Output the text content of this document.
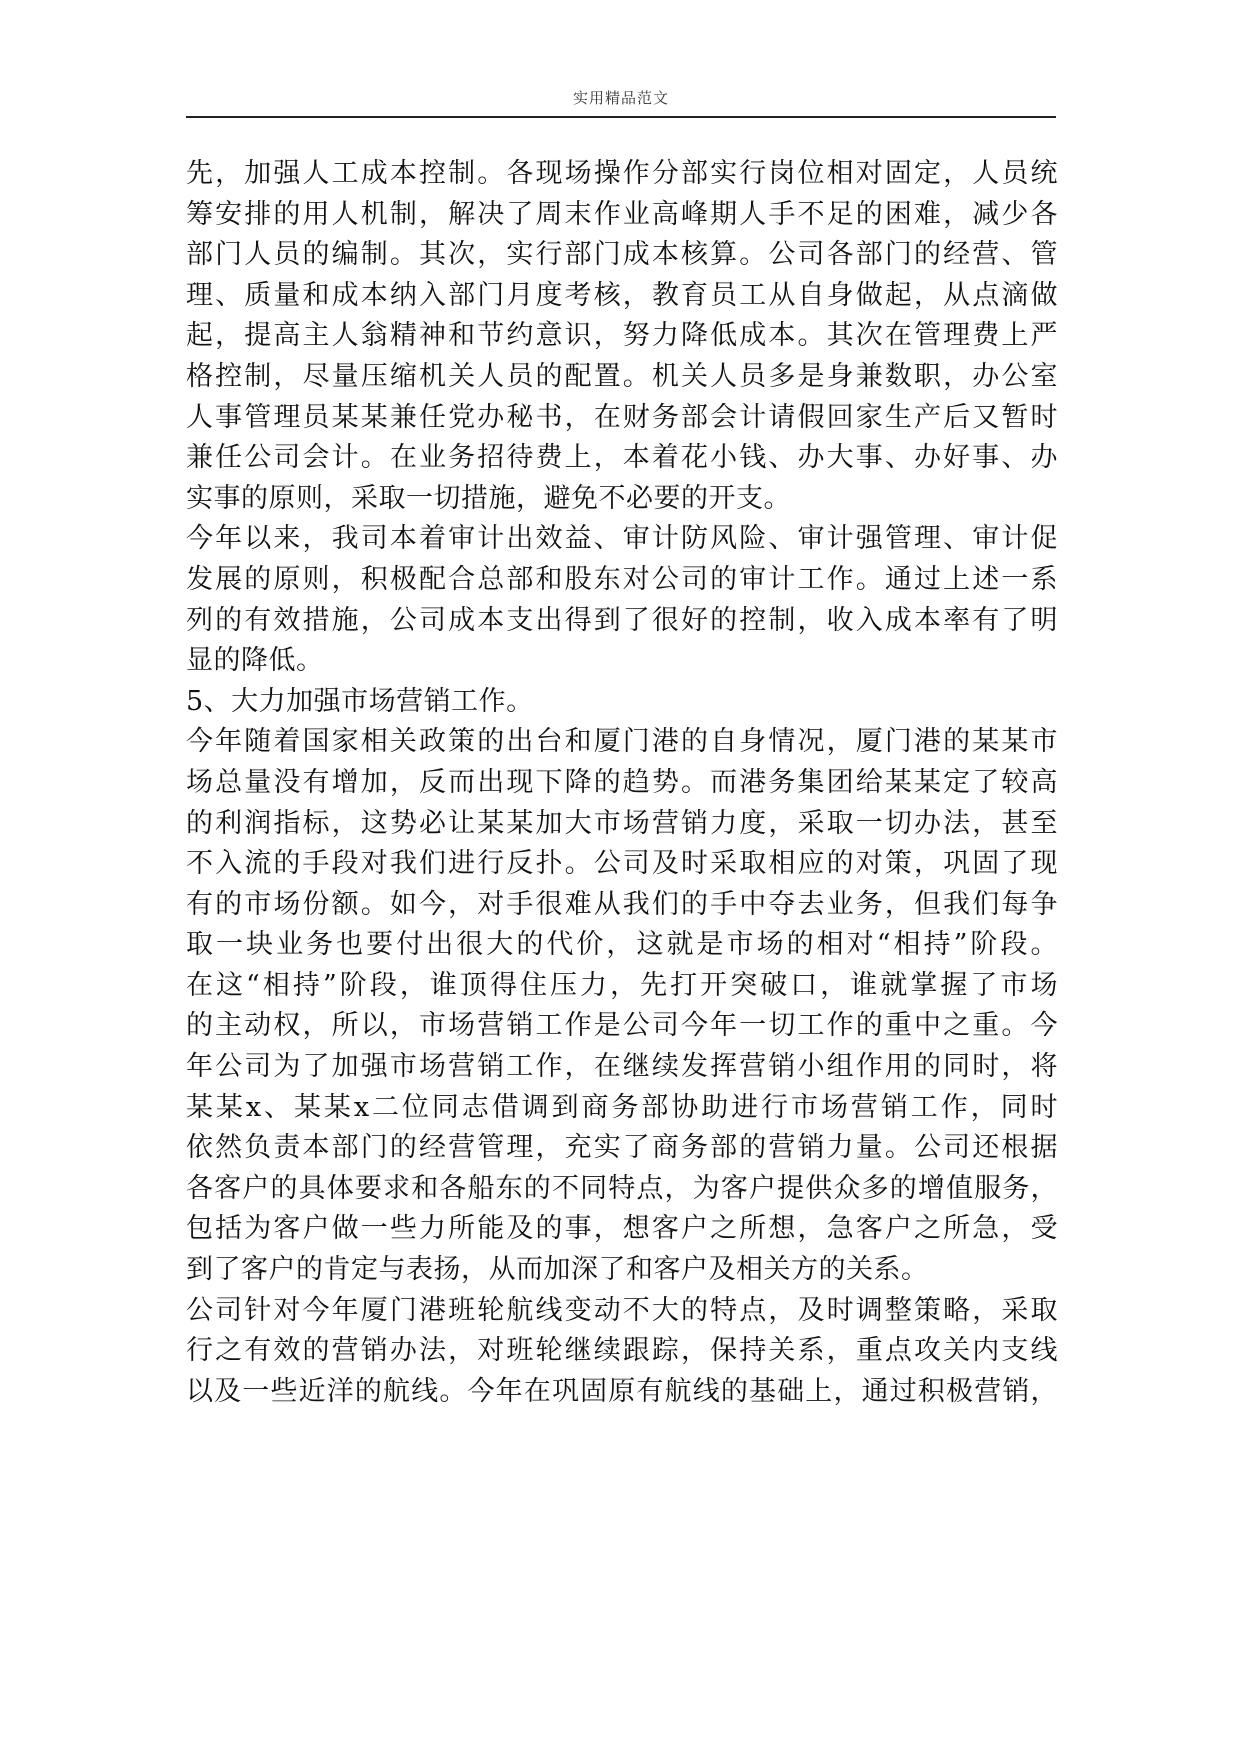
实用精品范文
先，加强人工成本控制。各现场操作分部实行岗位相对固定，人员统
筹安排的用人机制，解决了周末作业高峰期人手不足的困难，减少各
部门人员的编制。其次，实行部门成本核算。公司各部门的经营、管
理、质量和成本纳入部门月度考核，教育员工从自身做起，从点滴做
起，提高主人翁精神和节约意识，努力降低成本。其次在管理费上严
格控制，尽量压缩机关人员的配置。机关人员多是身兼数职，办公室
人事管理员某某兼任党办秘书，在财务部会计请假回家生产后又暂时
兼任公司会计。在业务招待费上，本着花小钱、办大事、办好事、办
实事的原则，采取一切措施，避免不必要的开支。
今年以来，我司本着审计出效益、审计防风险、审计强管理、审计促
发展的原则，积极配合总部和股东对公司的审计工作。通过上述一系
列的有效措施，公司成本支出得到了很好的控制，收入成本率有了明
显的降低。
5、大力加强市场营销工作。
今年随着国家相关政策的出台和厦门港的自身情况，厦门港的某某市
场总量没有增加，反而出现下降的趋势。而港务集团给某某定了较高
的利润指标，这势必让某某加大市场营销力度，采取一切办法，甚至
不入流的手段对我们进行反扑。公司及时采取相应的对策，巩固了现
有的市场份额。如今，对手很难从我们的手中夺去业务，但我们每争
取一块业务也要付出很大的代价，这就是市场的相对“相持”阶段。
在这“相持”阶段，谁顶得住压力，先打开突破口，谁就掌握了市场
的主动权，所以，市场营销工作是公司今年一切工作的重中之重。今
年公司为了加强市场营销工作，在继续发挥营销小组作用的同时，将
某某x、某某x二位同志借调到商务部协助进行市场营销工作，同时
依然负责本部门的经营管理，充实了商务部的营销力量。公司还根据
各客户的具体要求和各船东的不同特点，为客户提供众多的增值服务，
包括为客户做一些力所能及的事，想客户之所想，急客户之所急，受
到了客户的肯定与表扬，从而加深了和客户及相关方的关系。
公司针对今年厦门港班轮航线变动不大的特点，及时调整策略，采取
行之有效的营销办法，对班轮继续跟踪，保持关系，重点攻关内支线
以及一些近洋的航线。今年在巩固原有航线的基础上，通过积极营销，
